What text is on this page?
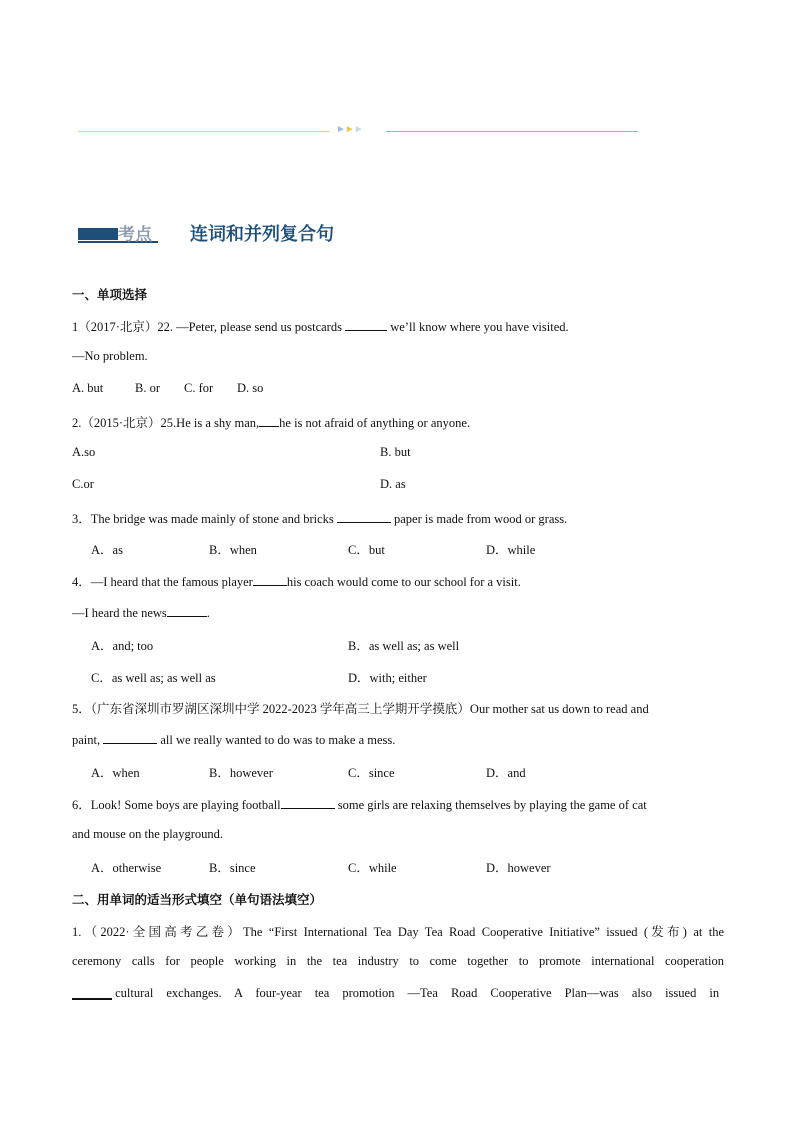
►►►
考点 连词和并列复合句
一、单项选择
1（2017·北京）22. —Peter, please send us postcards	we’ll know where you have visited.
—No problem.
A. but	B. or C. for D. so
2.（2015·北京）25.He is a shy man, he is not afraid of anything or anyone.
A.so	B. but
C.or	D. as
3．The bridge was made mainly of stone and bricks	paper is made from wood or grass.
A．as	B．when	C．but	D．while
4．—I heard that the famous player	his coach would come to our school for a visit.
—I heard the news	.
A．and; too	B．as well as; as well
C．as well as; as well as	D．with; either
5．（广东省深圳市罗湖区深圳中学 2022-2023 学年高三上学期开学摸底）Our mother sat us down to read and
paint,	all we really wanted to do was to make a mess.
A．when	B．however	C．since	D．and
6．Look! Some boys are playing football	some girls are relaxing themselves by playing the game of cat
and mouse on the playground.
A．otherwise	B．since	C．while	D．however
二、用单词的适当形式填空（单句语法填空）
1.（2022·全国高考乙卷）The “First International Tea Day Tea Road Cooperative Initiative” issued (发布) at the
ceremony calls for people working in the tea industry to come together to promote international cooperation
cultural exchanges. A four-year tea promotion —Tea Road Cooperative Plan—was also issued in
